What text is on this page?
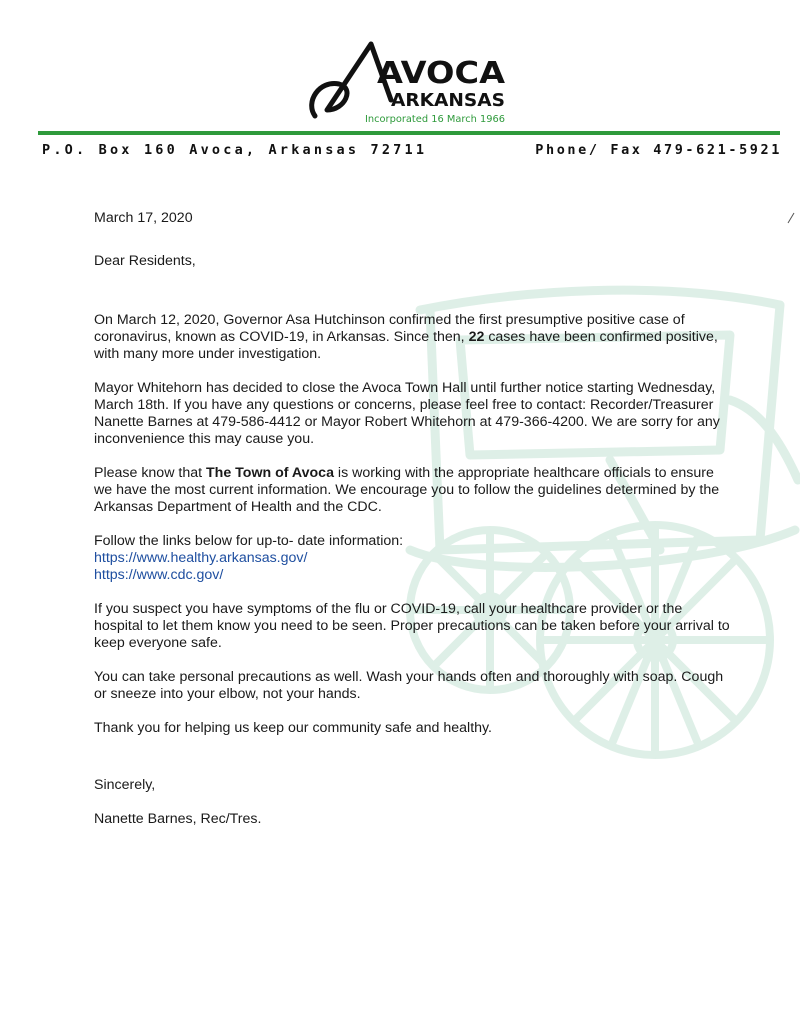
AVOCA
ARKANSAS
Incorporated 16 March 1966
P.O. Box 160 Avoca, Arkansas 72711	Phone/ Fax 479-621-5921

March 17, 2020

Dear Residents,

On March 12, 2020, Governor Asa Hutchinson confirmed the first presumptive positive case of coronavirus, known as COVID-19, in Arkansas. Since then, 22 cases have been confirmed positive, with many more under investigation.

Mayor Whitehorn has decided to close the Avoca Town Hall until further notice starting Wednesday, March 18th. If you have any questions or concerns, please feel free to contact: Recorder/Treasurer Nanette Barnes at 479-586-4412 or Mayor Robert Whitehorn at 479-366-4200. We are sorry for any inconvenience this may cause you.

Please know that The Town of Avoca is working with the appropriate healthcare officials to ensure we have the most current information. We encourage you to follow the guidelines determined by the Arkansas Department of Health and the CDC.

Follow the links below for up-to- date information:

https://www.healthy.arkansas.gov/
https://www.cdc.gov/

If you suspect you have symptoms of the flu or COVID-19, call your healthcare provider or the hospital to let them know you need to be seen. Proper precautions can be taken before your arrival to keep everyone safe.

You can take personal precautions as well. Wash your hands often and thoroughly with soap. Cough or sneeze into your elbow, not your hands.

Thank you for helping us keep our community safe and healthy.

Sincerely,

Nanette Barnes, Rec/Tres.
